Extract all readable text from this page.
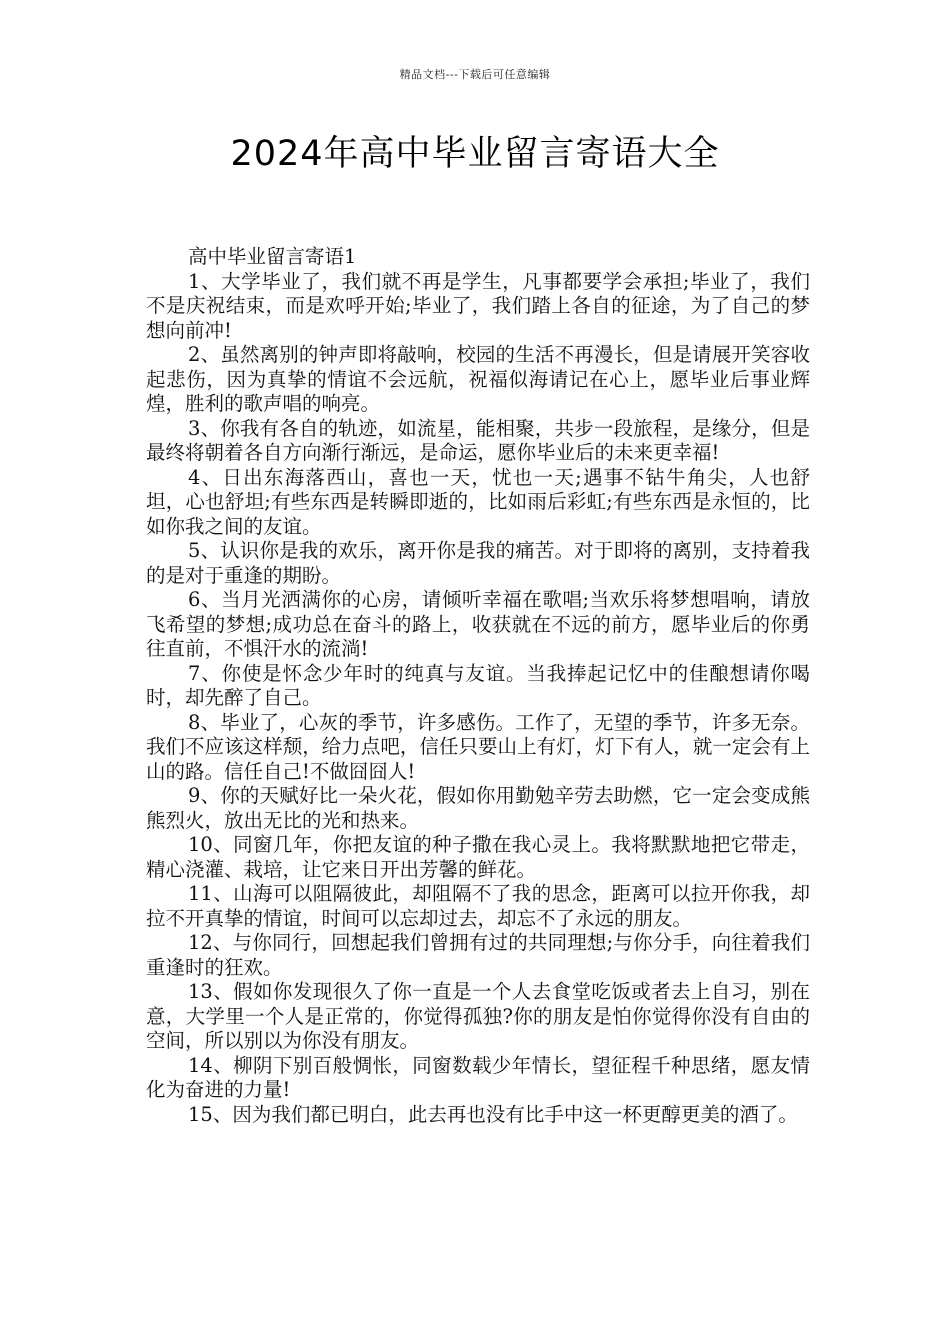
精品文档---下载后可任意编辑
2024年高中毕业留言寄语大全

高中毕业留言寄语1

1、大学毕业了，我们就不再是学生，凡事都要学会承担;毕业了，我们不是庆祝结束，而是欢呼开始;毕业了，我们踏上各自的征途，为了自己的梦想向前冲!

2、虽然离别的钟声即将敲响，校园的生活不再漫长，但是请展开笑容收起悲伤，因为真挚的情谊不会远航，祝福似海请记在心上，愿毕业后事业辉煌，胜利的歌声唱的响亮。

3、你我有各自的轨迹，如流星，能相聚，共步一段旅程，是缘分，但是最终将朝着各自方向渐行渐远，是命运，愿你毕业后的未来更幸福!

4、日出东海落西山，喜也一天，忧也一天;遇事不钻牛角尖，人也舒坦，心也舒坦;有些东西是转瞬即逝的，比如雨后彩虹;有些东西是永恒的，比如你我之间的友谊。

5、认识你是我的欢乐，离开你是我的痛苦。对于即将的离别，支持着我的是对于重逢的期盼。

6、当月光洒满你的心房，请倾听幸福在歌唱;当欢乐将梦想唱响，请放飞希望的梦想;成功总在奋斗的路上，收获就在不远的前方，愿毕业后的你勇往直前，不惧汗水的流淌!

7、你使是怀念少年时的纯真与友谊。当我捧起记忆中的佳酿想请你喝时，却先醉了自己。

8、毕业了，心灰的季节，许多感伤。工作了，无望的季节，许多无奈。我们不应该这样颓，给力点吧，信任只要山上有灯，灯下有人，就一定会有上山的路。信任自己!不做囧囧人!

9、你的天赋好比一朵火花，假如你用勤勉辛劳去助燃，它一定会变成熊熊烈火，放出无比的光和热来。

10、同窗几年，你把友谊的种子撒在我心灵上。我将默默地把它带走，精心浇灌、栽培，让它来日开出芳馨的鲜花。

11、山海可以阻隔彼此，却阻隔不了我的思念，距离可以拉开你我，却拉不开真挚的情谊，时间可以忘却过去，却忘不了永远的朋友。

12、与你同行，回想起我们曾拥有过的共同理想;与你分手，向往着我们重逢时的狂欢。

13、假如你发现很久了你一直是一个人去食堂吃饭或者去上自习，别在意，大学里一个人是正常的，你觉得孤独?你的朋友是怕你觉得你没有自由的空间，所以别以为你没有朋友。

14、柳阴下别百般惆怅，同窗数载少年情长，望征程千种思绪，愿友情化为奋进的力量!

15、因为我们都已明白，此去再也没有比手中这一杯更醇更美的酒了。
